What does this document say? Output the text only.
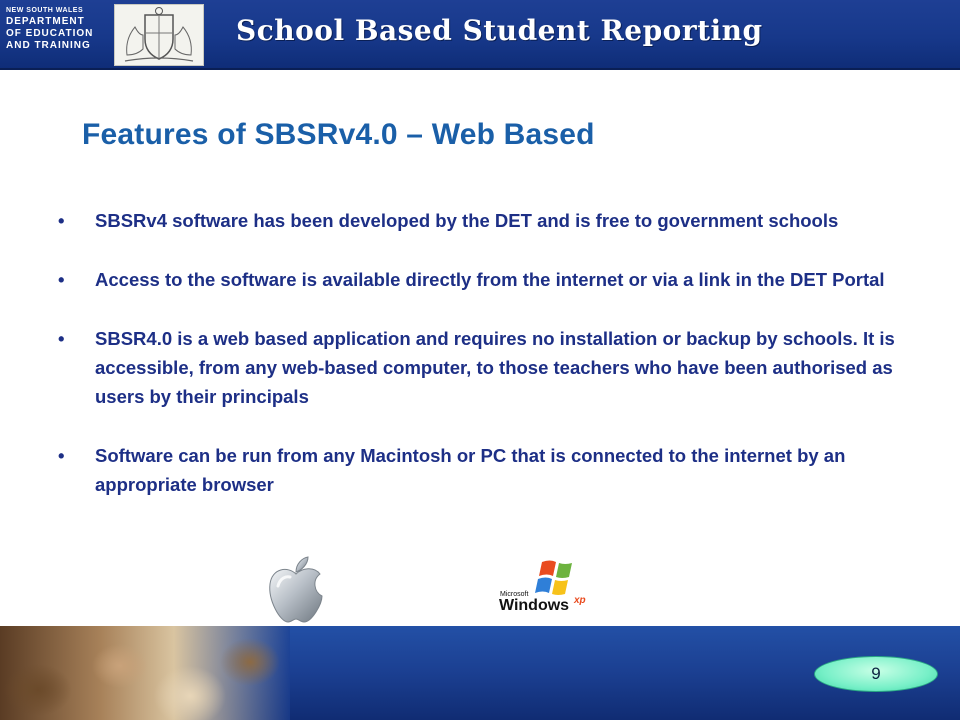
NEW SOUTH WALES
DEPARTMENT
OF EDUCATION
AND TRAINING	School Based Student Reporting
Features of SBSRv4.0 – Web Based
• SBSRv4 software has been developed by the DET and is free to government schools
• Access to the software is available directly from the internet or via a link in the DET Portal
• SBSR4.0 is a web based application and requires no installation or backup by schools. It is accessible, from any web-based computer, to those teachers who have been authorised as users by their principals
• Software can be run from any Macintosh or PC that is connected to the internet by an appropriate browser
Microsoft
Windows xp
9
